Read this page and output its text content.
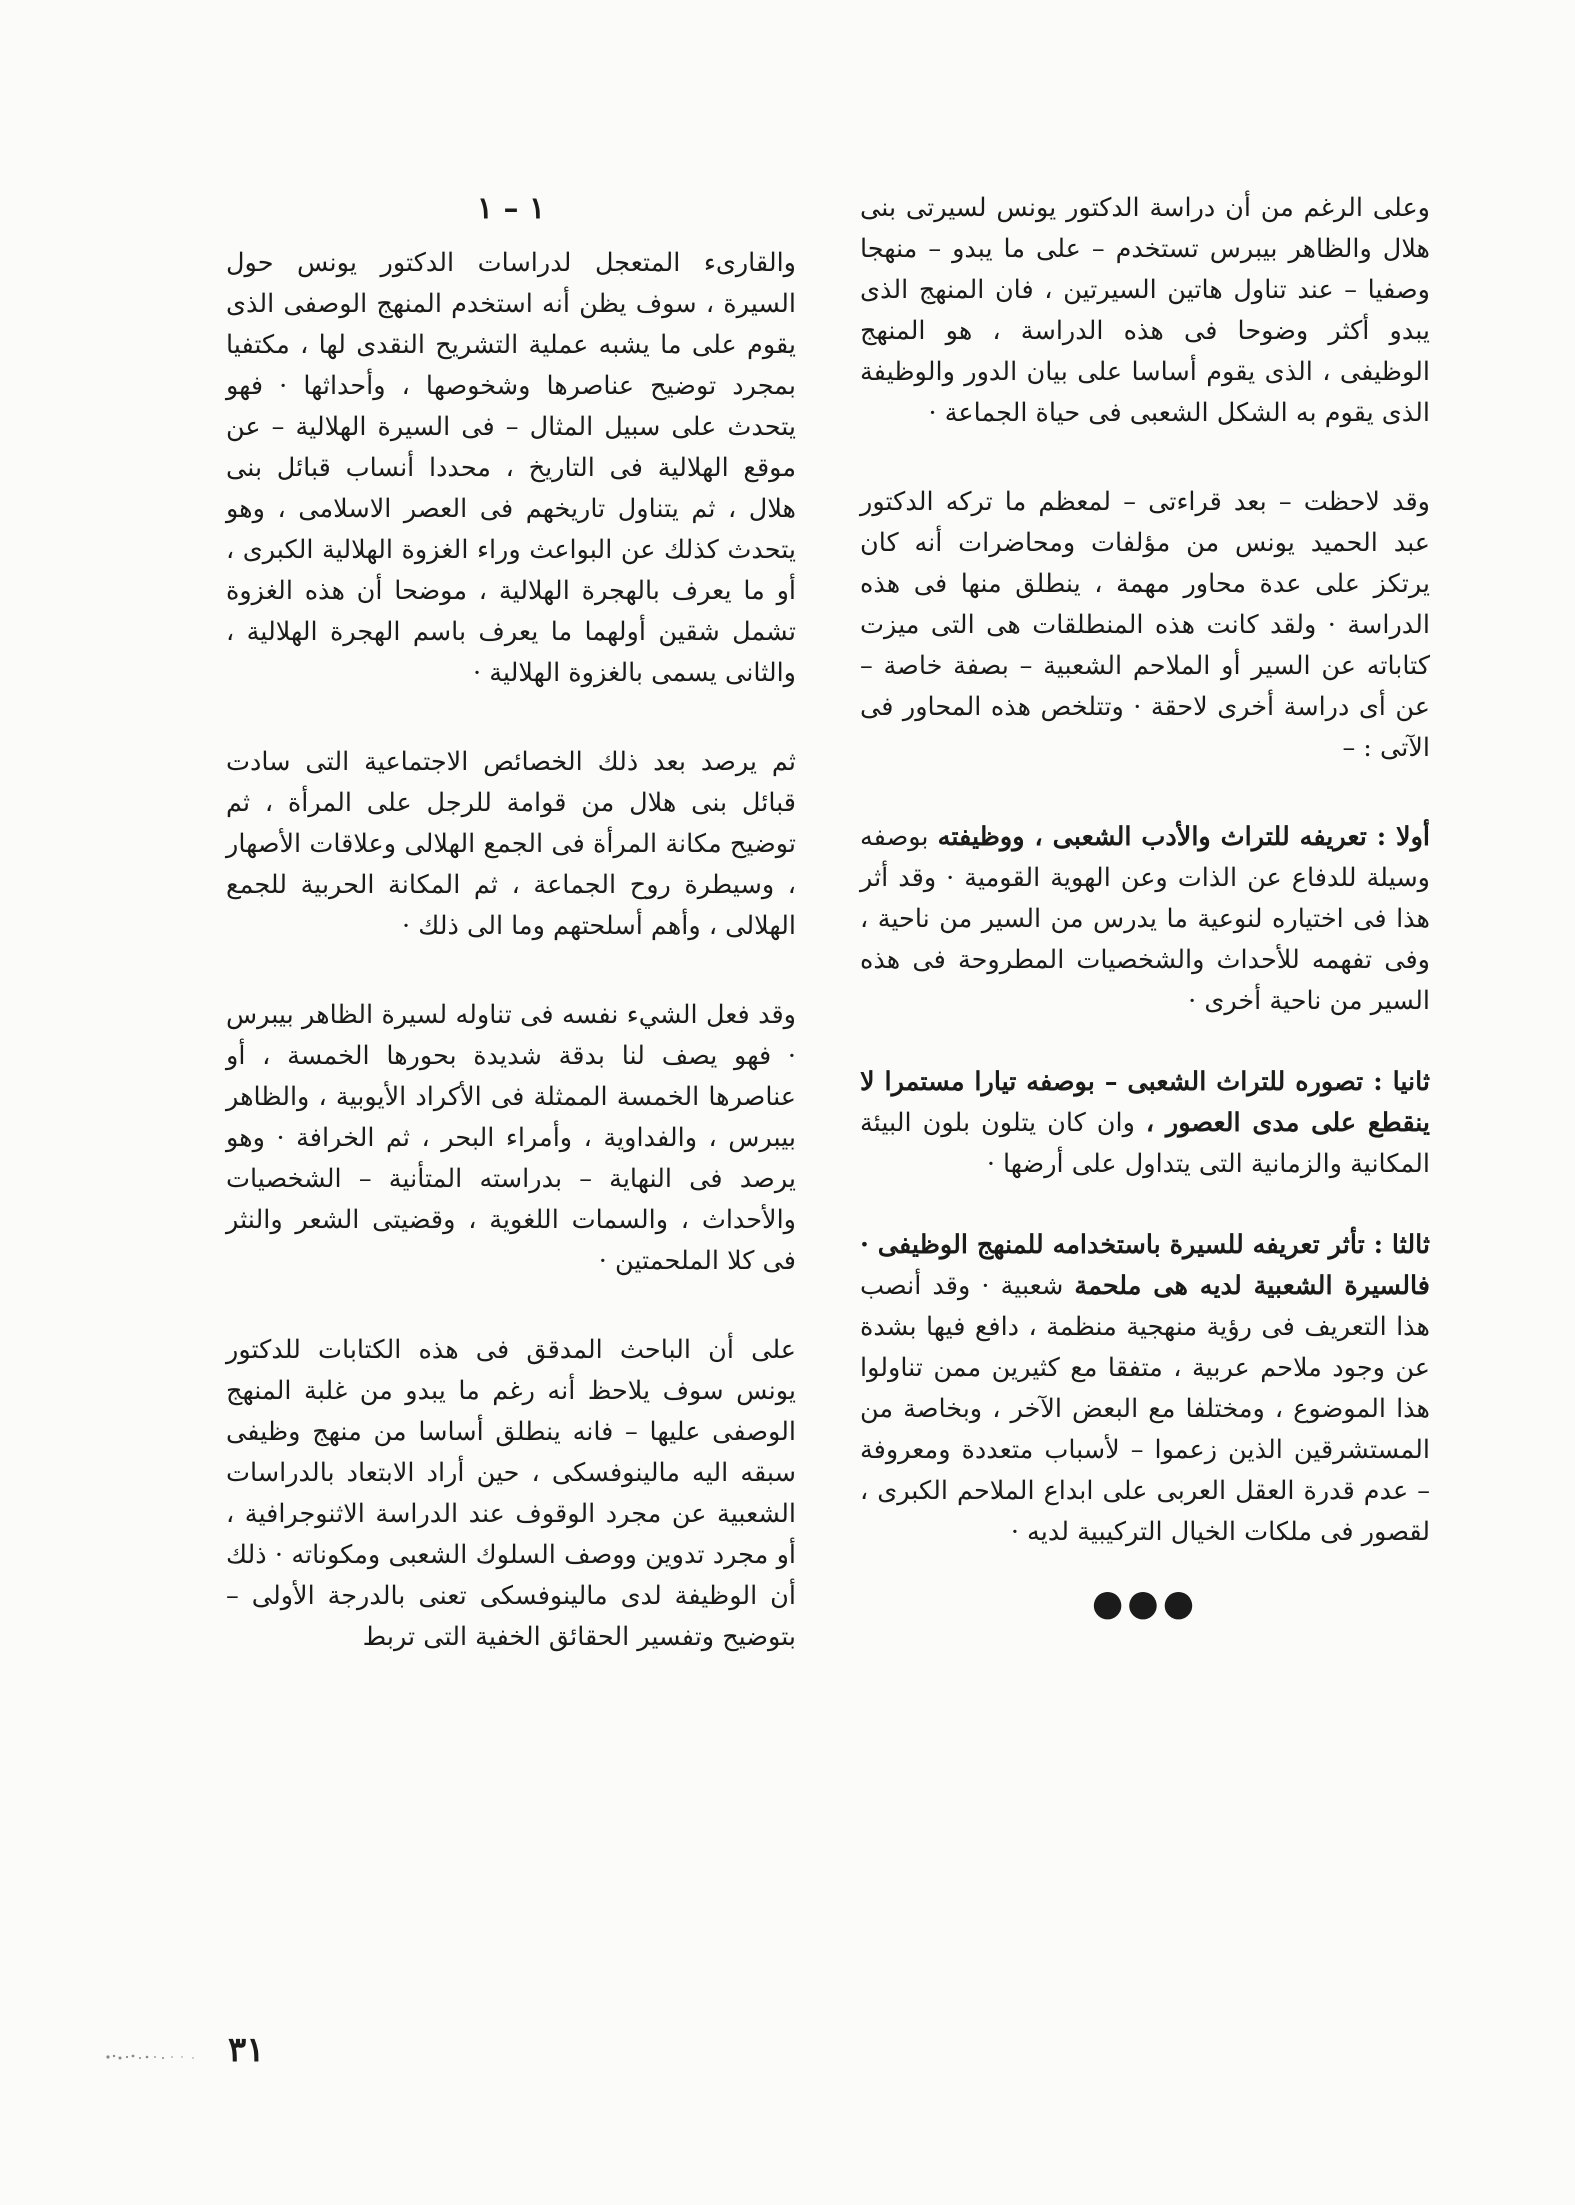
وعلى الرغم من أن دراسة الدكتور يونس لسيرتى بنى هلال والظاهر بيبرس تستخدم – على ما يبدو – منهجا وصفيا – عند تناول هاتين السيرتين ، فان المنهج الذى يبدو أكثر وضوحا فى هذه الدراسة ، هو المنهج الوظيفى ، الذى يقوم أساسا على بيان الدور والوظيفة الذى يقوم به الشكل الشعبى فى حياة الجماعة ·

وقد لاحظت – بعد قراءتى – لمعظم ما تركه الدكتور عبد الحميد يونس من مؤلفات ومحاضرات أنه كان يرتكز على عدة محاور مهمة ، ينطلق منها فى هذه الدراسة · ولقد كانت هذه المنطلقات هى التى ميزت كتاباته عن السير أو الملاحم الشعبية – بصفة خاصة – عن أى دراسة أخرى لاحقة · وتتلخص هذه المحاور فى الآتى : –

أولا : تعريفه للتراث والأدب الشعبى ، ووظيفته بوصفه وسيلة للدفاع عن الذات وعن الهوية القومية · وقد أثر هذا فى اختياره لنوعية ما يدرس من السير من ناحية ، وفى تفهمه للأحداث والشخصيات المطروحة فى هذه السير من ناحية أخرى ·

ثانيا : تصوره للتراث الشعبى – بوصفه تيارا مستمرا لا ينقطع على مدى العصور ، وان كان يتلون بلون البيئة المكانية والزمانية التى يتداول على أرضها ·

ثالثا : تأثر تعريفه للسيرة باستخدامه للمنهج الوظيفى · فالسيرة الشعبية لديه هى ملحمة شعبية · وقد أنصب هذا التعريف فى رؤية منهجية منظمة ، دافع فيها بشدة عن وجود ملاحم عربية ، متفقا مع كثيرين ممن تناولوا هذا الموضوع ، ومختلفا مع البعض الآخر ، وبخاصة من المستشرقين الذين زعموا – لأسباب متعددة ومعروفة – عدم قدرة العقل العربى على ابداع الملاحم الكبرى ، لقصور فى ملكات الخيال التركيبية لديه ·

●●●
١ – ١

والقارىء المتعجل لدراسات الدكتور يونس حول السيرة ، سوف يظن أنه استخدم المنهج الوصفى الذى يقوم على ما يشبه عملية التشريح النقدى لها ، مكتفيا بمجرد توضيح عناصرها وشخوصها ، وأحداثها · فهو يتحدث على سبيل المثال – فى السيرة الهلالية – عن موقع الهلالية فى التاريخ ، محددا أنساب قبائل بنى هلال ، ثم يتناول تاريخهم فى العصر الاسلامى ، وهو يتحدث كذلك عن البواعث وراء الغزوة الهلالية الكبرى ، أو ما يعرف بالهجرة الهلالية ، موضحا أن هذه الغزوة تشمل شقين أولهما ما يعرف باسم الهجرة الهلالية ، والثانى يسمى بالغزوة الهلالية ·

ثم يرصد بعد ذلك الخصائص الاجتماعية التى سادت قبائل بنى هلال من قوامة للرجل على المرأة ، ثم توضيح مكانة المرأة فى الجمع الهلالى وعلاقات الأصهار ، وسيطرة روح الجماعة ، ثم المكانة الحربية للجمع الهلالى ، وأهم أسلحتهم وما الى ذلك ·

وقد فعل الشيء نفسه فى تناوله لسيرة الظاهر بيبرس · فهو يصف لنا بدقة شديدة بحورها الخمسة ، أو عناصرها الخمسة الممثلة فى الأكراد الأيوبية ، والظاهر بيبرس ، والفداوية ، وأمراء البحر ، ثم الخرافة · وهو يرصد فى النهاية – بدراسته المتأنية – الشخصيات والأحداث ، والسمات اللغوية ، وقضيتى الشعر والنثر فى كلا الملحمتين ·

على أن الباحث المدقق فى هذه الكتابات للدكتور يونس سوف يلاحظ أنه رغم ما يبدو من غلبة المنهج الوصفى عليها – فانه ينطلق أساسا من منهج وظيفى سبقه اليه مالينوفسكى ، حين أراد الابتعاد بالدراسات الشعبية عن مجرد الوقوف عند الدراسة الاثنوجرافية ، أو مجرد تدوين ووصف السلوك الشعبى ومكوناته · ذلك أن الوظيفة لدى مالينوفسكى تعنى بالدرجة الأولى – بتوضيح وتفسير الحقائق الخفية التى تربط

٣١
